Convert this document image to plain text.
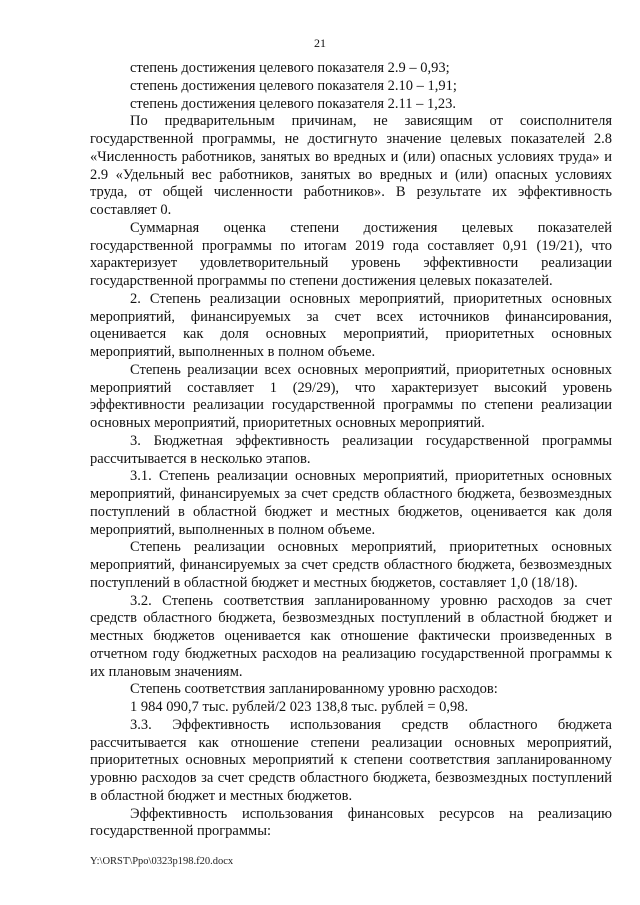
21

степень достижения целевого показателя 2.9 – 0,93;

степень достижения целевого показателя 2.10 – 1,91;

степень достижения целевого показателя 2.11 – 1,23.

По предварительным причинам, не зависящим от соисполнителя государственной программы, не достигнуто значение целевых показателей 2.8 «Численность работников, занятых во вредных и (или) опасных условиях труда» и 2.9 «Удельный вес работников, занятых во вредных и (или) опасных условиях труда, от общей численности работников». В результате их эффективность составляет 0.

Суммарная оценка степени достижения целевых показателей государственной программы по итогам 2019 года составляет 0,91 (19/21), что характеризует удовлетворительный уровень эффективности реализации государственной программы по степени достижения целевых показателей.

2. Степень реализации основных мероприятий, приоритетных основных мероприятий, финансируемых за счет всех источников финансирования, оценивается как доля основных мероприятий, приоритетных основных мероприятий, выполненных в полном объеме.

Степень реализации всех основных мероприятий, приоритетных основных мероприятий составляет 1 (29/29), что характеризует высокий уровень эффективности реализации государственной программы по степени реализации основных мероприятий, приоритетных основных мероприятий.

3. Бюджетная эффективность реализации государственной программы рассчитывается в несколько этапов.

3.1. Степень реализации основных мероприятий, приоритетных основных мероприятий, финансируемых за счет средств областного бюджета, безвозмездных поступлений в областной бюджет и местных бюджетов, оценивается как доля мероприятий, выполненных в полном объеме.

Степень реализации основных мероприятий, приоритетных основных мероприятий, финансируемых за счет средств областного бюджета, безвозмездных поступлений в областной бюджет и местных бюджетов, составляет 1,0 (18/18).

3.2. Степень соответствия запланированному уровню расходов за счет средств областного бюджета, безвозмездных поступлений в областной бюджет и местных бюджетов оценивается как отношение фактически произведенных в отчетном году бюджетных расходов на реализацию государственной программы к их плановым значениям.

Степень соответствия запланированному уровню расходов:

1 984 090,7 тыс. рублей/2 023 138,8 тыс. рублей = 0,98.

3.3. Эффективность использования средств областного бюджета рассчитывается как отношение степени реализации основных мероприятий, приоритетных основных мероприятий к степени соответствия запланированному уровню расходов за счет средств областного бюджета, безвозмездных поступлений в областной бюджет и местных бюджетов.

Эффективность использования финансовых ресурсов на реализацию государственной программы:

Y:\ORST\Ppo\0323p198.f20.docx
